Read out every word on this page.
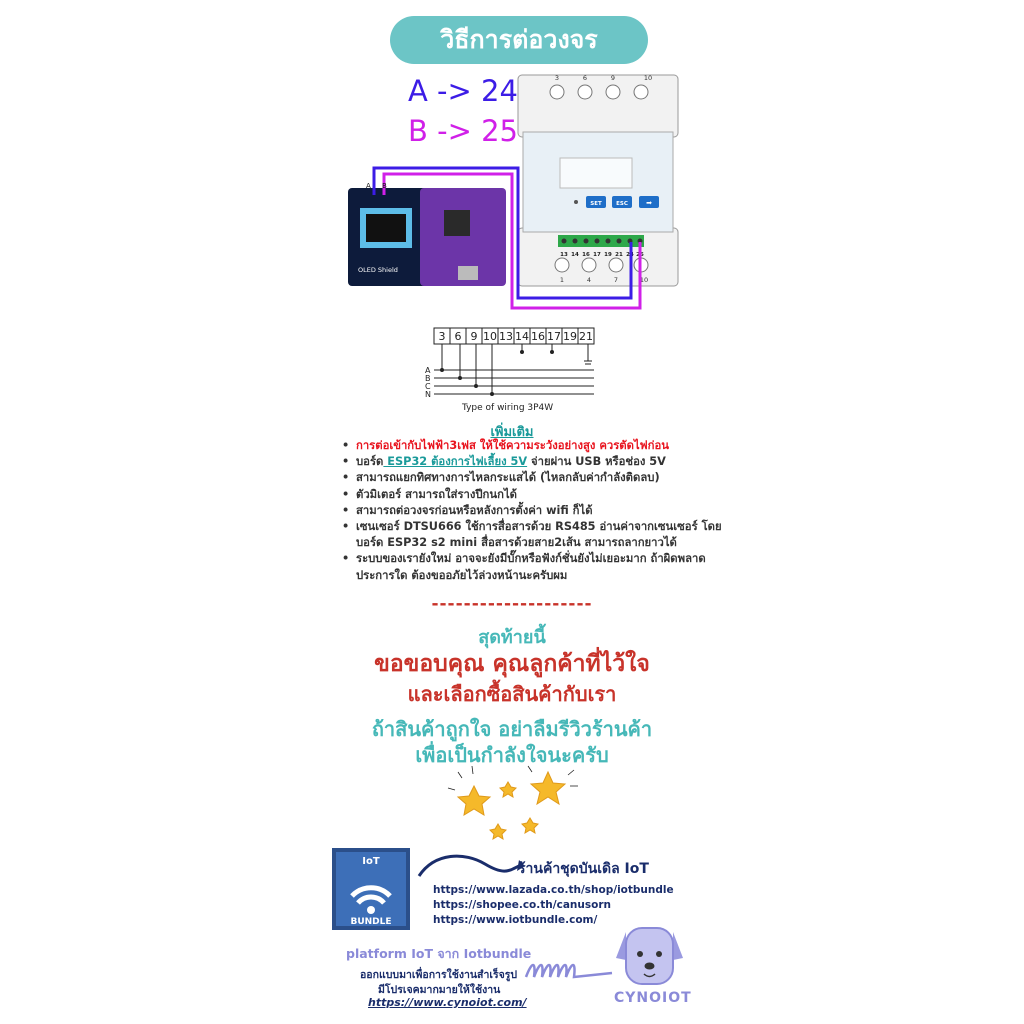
วิธีการต่อวงจร
A -> 24
B -> 25
SET	ESC	➡
3	6	9	10
13 14 16 17 19 21 24 25
1	4	7	10
OLED Shield
A B
3 6 9 10 13 14 16 17 19 21
A
B
C
N
Type of wiring 3P4W
เพิ่มเติม
• การต่อเข้ากับไฟฟ้า3เฟส ให้ใช้ความระวังอย่างสูง ควรตัดไฟก่อน
• บอร์ด ESP32 ต้องการไฟเลี้ยง 5V จ่ายผ่าน USB หรือช่อง 5V
• สามารถแยกทิศทางการไหลกระแสได้ (ไหลกลับค่ากำลังติดลบ)
• ตัวมิเตอร์ สามารถใส่รางปีกนกได้
• สามารถต่อวงจรก่อนหรือหลังการตั้งค่า wifi ก็ได้
• เซนเซอร์ DTSU666 ใช้การสื่อสารด้วย RS485 อ่านค่าจากเซนเซอร์ โดยบอร์ด ESP32 s2 mini สื่อสารด้วยสาย2เส้น สามารถลากยาวได้
• ระบบของเรายังใหม่ อาจจะยังมีบั๊กหรือฟังก์ชั่นยังไม่เยอะมาก ถ้าผิดพลาดประการใด ต้องขออภัยไว้ล่วงหน้านะครับผม
--------------------
สุดท้ายนี้
ขอขอบคุณ คุณลูกค้าที่ไว้ใจ
และเลือกซื้อสินค้ากับเรา
ถ้าสินค้าถูกใจ อย่าลืมรีวิวร้านค้า
เพื่อเป็นกำลังใจนะครับ
IoT
BUNDLE
ร้านค้าชุดบันเดิล IoT
https://www.lazada.co.th/shop/iotbundle
https://shopee.co.th/canusorn
https://www.iotbundle.com/
platform IoT จาก Iotbundle
ออกแบบมาเพื่อการใช้งานสำเร็จรูป
มีโปรเจคมากมายให้ใช้งาน
https://www.cynoiot.com/	CYNOIOT
